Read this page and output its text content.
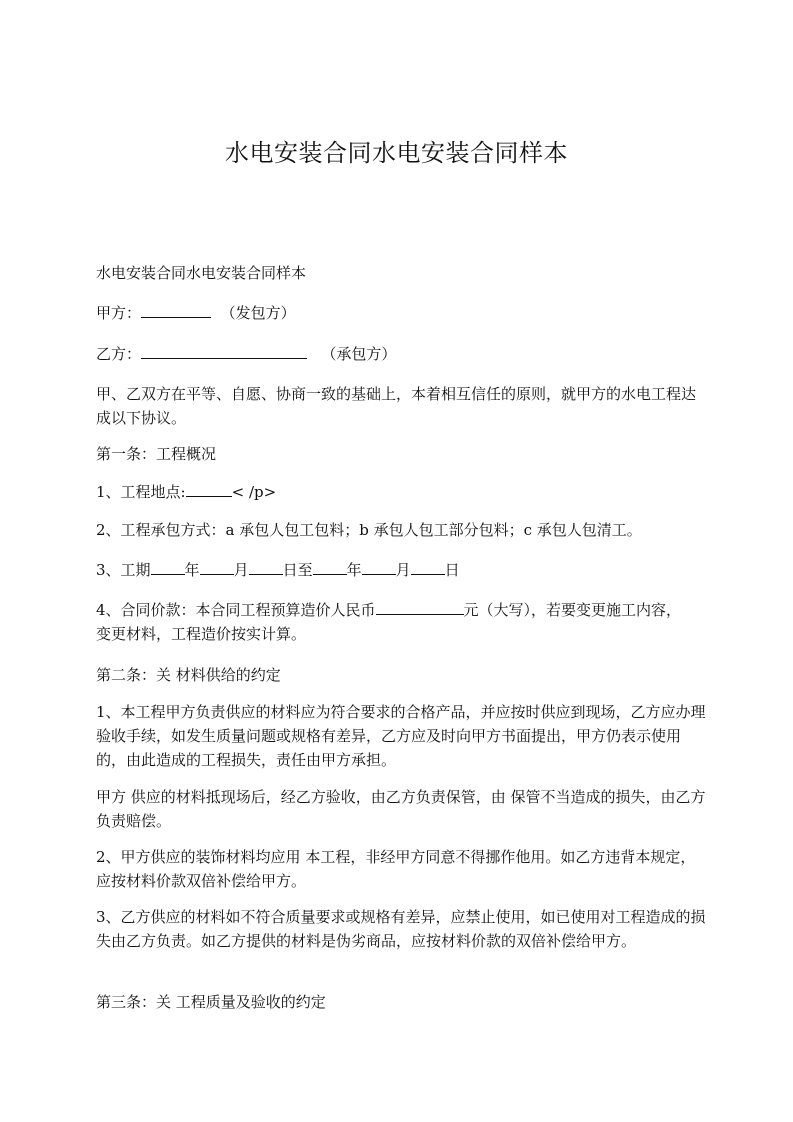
水电安装合同水电安装合同样本
水电安装合同水电安装合同样本
甲方：	（发包方）
乙方：	（承包方）
甲、乙双方在平等、自愿、协商一致的基础上，本着相互信任的原则，就甲方的水电工程达成以下协议。
第一条：工程概况
1、工程地点:	< /p>
2、工程承包方式：a 承包人包工包料；b 承包人包工部分包料；c 承包人包清工。
3、工期 年 月 日至 年 月 日
4、合同价款：本合同工程预算造价人民币	元（大写），若要变更施工内容，
变更材料，工程造价按实计算。
第二条：关 材料供给的约定
1、本工程甲方负责供应的材料应为符合要求的合格产品，并应按时供应到现场，乙方应办理验收手续，如发生质量问题或规格有差异，乙方应及时向甲方书面提出，甲方仍表示使用的，由此造成的工程损失，责任由甲方承担。
甲方 供应的材料抵现场后，经乙方验收，由乙方负责保管，由 保管不当造成的损失，由乙方负责赔偿。
2、甲方供应的装饰材料均应用 本工程，非经甲方同意不得挪作他用。如乙方违背本规定，应按材料价款双倍补偿给甲方。
3、乙方供应的材料如不符合质量要求或规格有差异，应禁止使用，如已使用对工程造成的损失由乙方负责。如乙方提供的材料是伪劣商品，应按材料价款的双倍补偿给甲方。
第三条：关 工程质量及验收的约定
